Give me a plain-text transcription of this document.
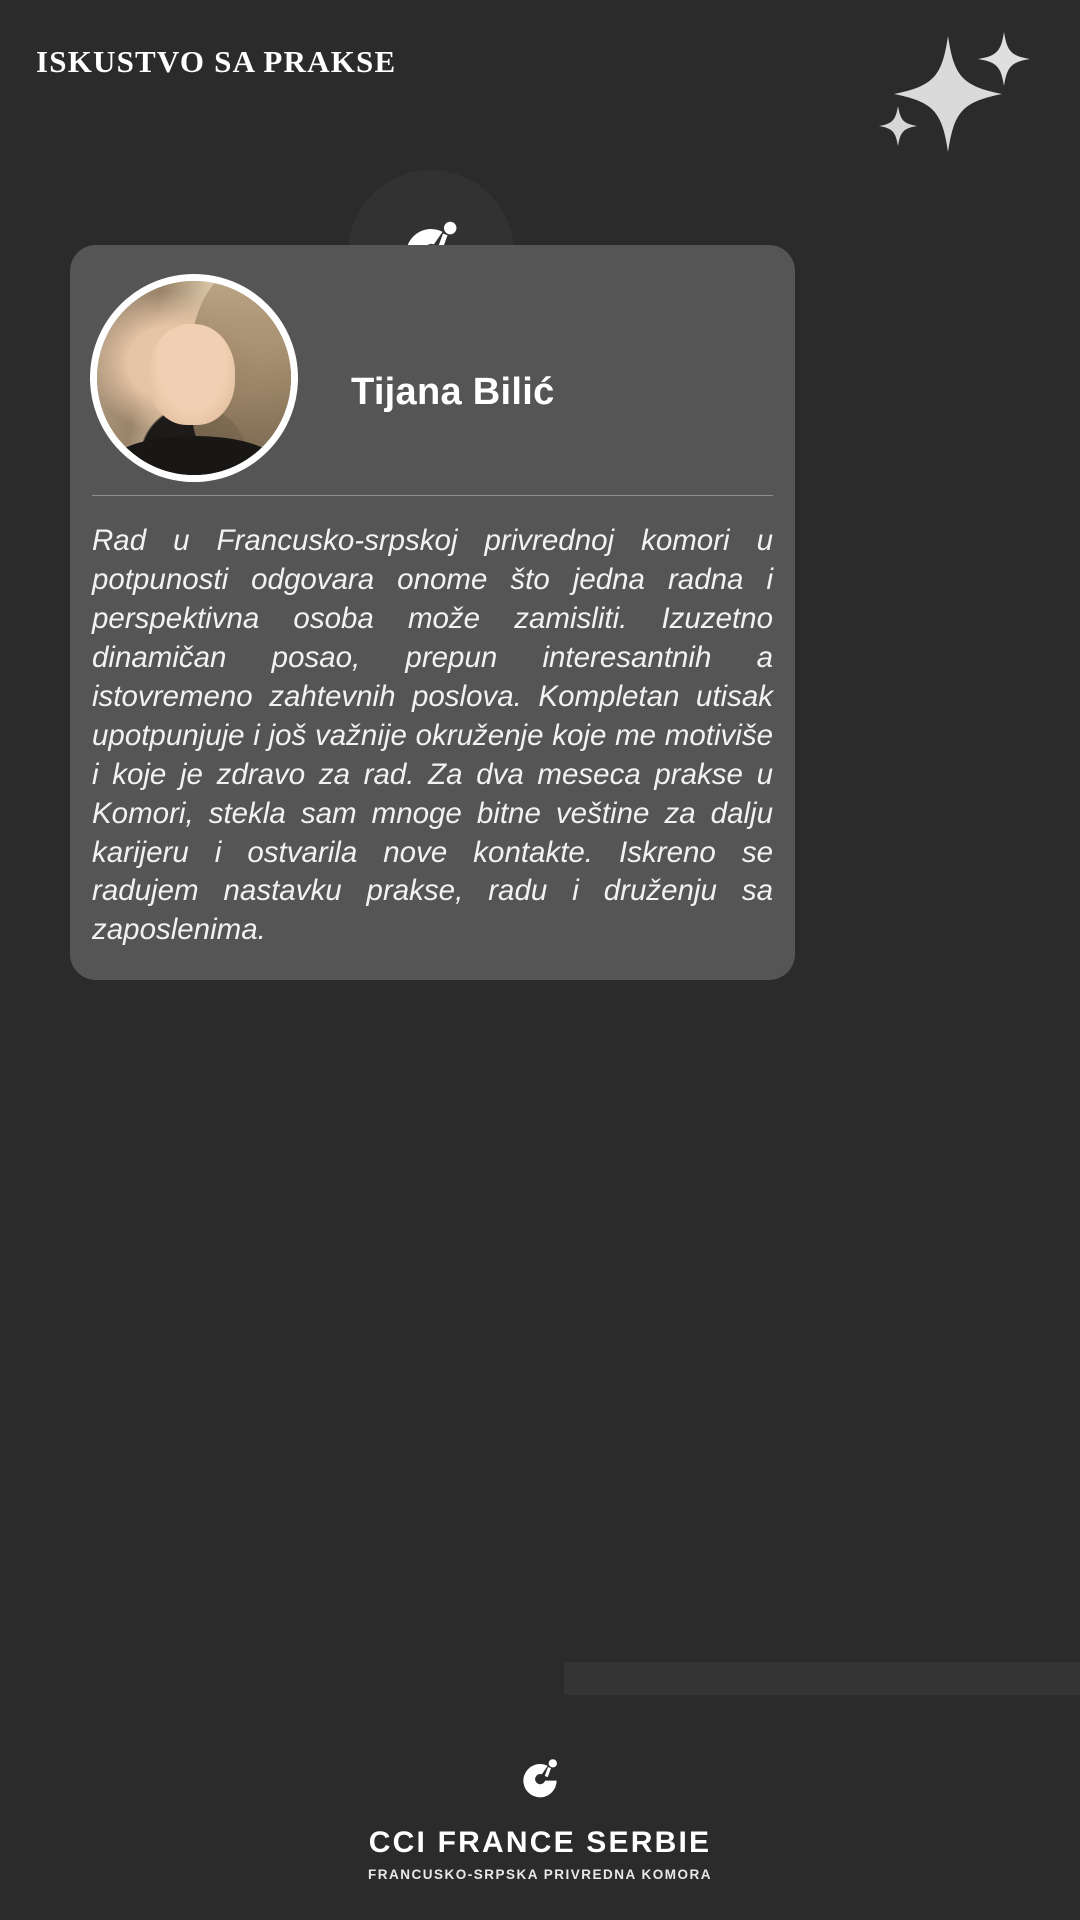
ISKUSTVO SA PRAKSE
Tijana Bilić
Rad u Francusko-srpskoj privrednoj komori u potpunosti odgovara onome što jedna radna i perspektivna osoba može zamisliti. Izuzetno dinamičan posao, prepun interesantnih a istovremeno zahtevnih poslova. Kompletan utisak upotpunjuje i još važnije okruženje koje me motiviše i koje je zdravo za rad. Za dva meseca prakse u Komori, stekla sam mnoge bitne veštine za dalju karijeru i ostvarila nove kontakte. Iskreno se radujem nastavku prakse, radu i druženju sa zaposlenima.
CCI FRANCE SERBIE
FRANCUSKO-SRPSKA PRIVREDNA KOMORA
